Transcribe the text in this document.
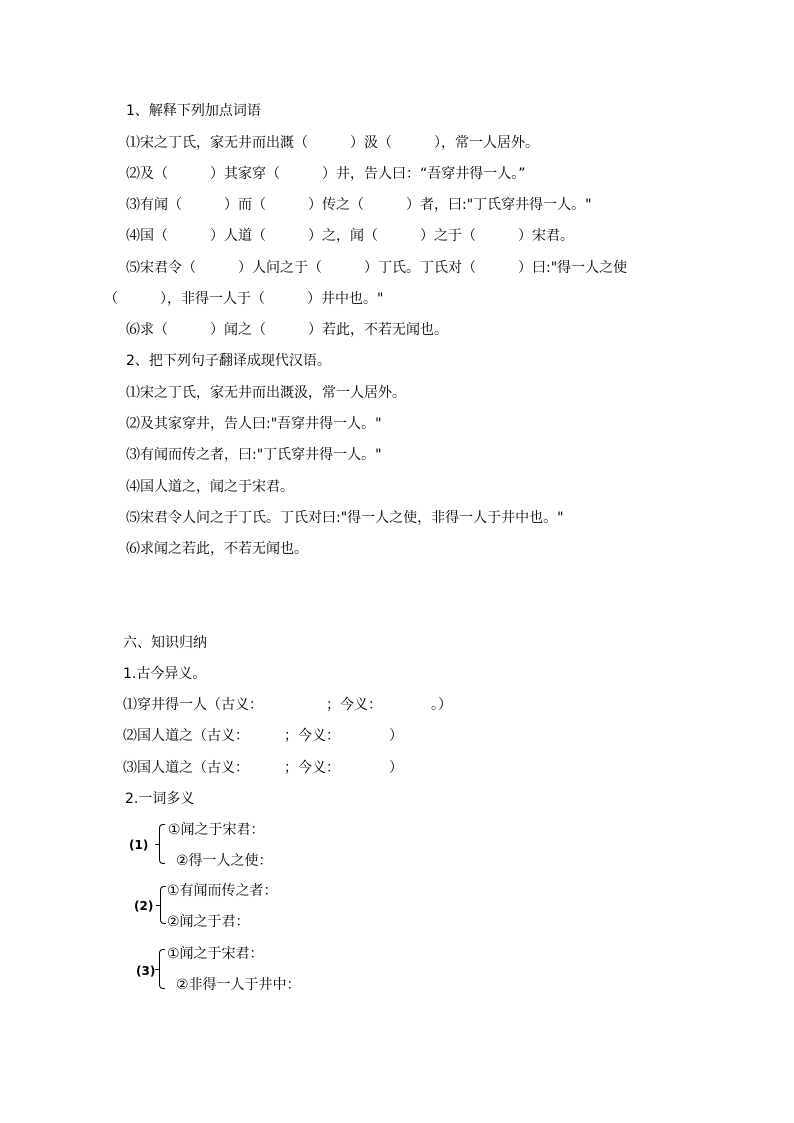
1、解释下列加点词语
⑴宋之丁氏，家无井而出溉（　　　）汲（　　　），常一人居外。
⑵及（　　　）其家穿（　　　）井，告人曰：“吾穿井得一人。”
⑶有闻（　　　）而（　　　）传之（　　　）者，曰:"丁氏穿井得一人。"
⑷国（　　　）人道（　　　）之，闻（　　　）之于（　　　）宋君。
⑸宋君令（　　　）人问之于（　　　）丁氏。丁氏对（　　　）曰:"得一人之使
（　　　），非得一人于（　　　）井中也。"
⑹求（　　　）闻之（　　　）若此，不若无闻也。
2、把下列句子翻译成现代汉语。
⑴宋之丁氏，家无井而出溉汲，常一人居外。
⑵及其家穿井，告人曰:"吾穿井得一人。"
⑶有闻而传之者，曰:"丁氏穿井得一人。"
⑷国人道之，闻之于宋君。
⑸宋君令人问之于丁氏。丁氏对曰:"得一人之使，非得一人于井中也。"
⑹求闻之若此，不若无闻也。
六、知识归纳
1.古今异义。
⑴穿井得一人（古义：　　　　　；今义：　　　　。）
⑵国人道之（古义：　　　；今义：　　　　）
⑶国人道之（古义：　　　；今义：　　　　）
2.一词多义
(1)
①闻之于宋君：
②得一人之使：
(2)
①有闻而传之者：
②闻之于君：
(3)
①闻之于宋君：
②非得一人于井中：
